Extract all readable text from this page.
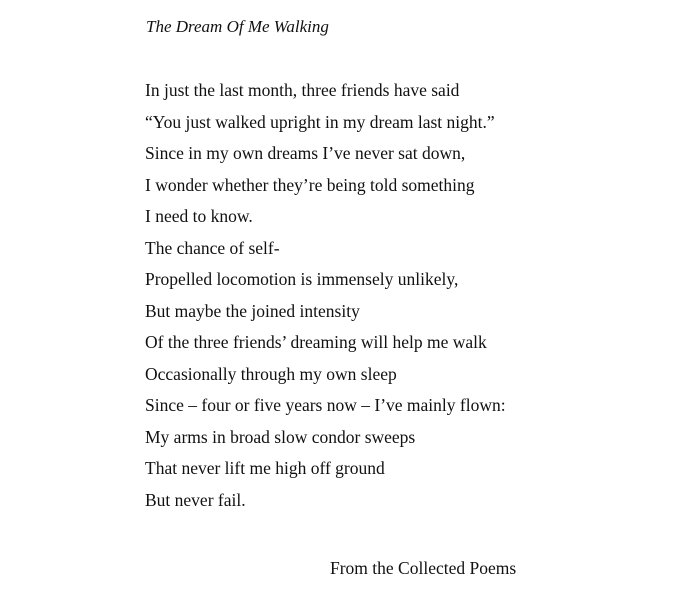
The Dream Of Me Walking
In just the last month, three friends have said
“You just walked upright in my dream last night.”
Since in my own dreams I’ve never sat down,
I wonder whether they’re being told something
I need to know.
The chance of self-
Propelled locomotion is immensely unlikely,
But maybe the joined intensity
Of the three friends’ dreaming will help me walk
Occasionally through my own sleep
Since – four or five years now – I’ve mainly flown:
My arms in broad slow condor sweeps
That never lift me high off ground
But never fail.
From the Collected Poems
